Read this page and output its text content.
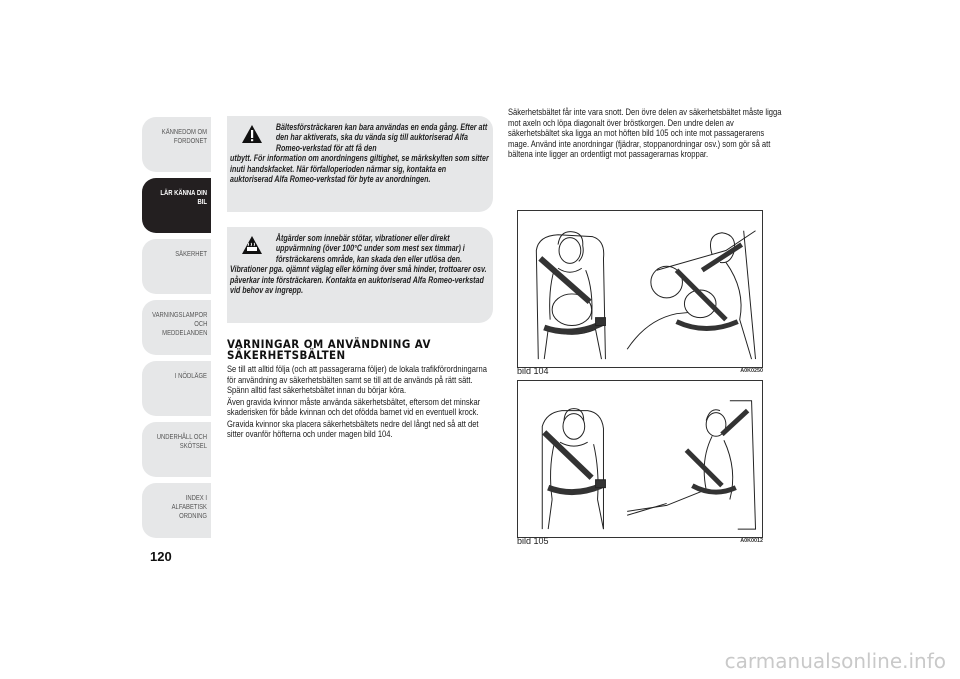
KÄNNEDOM OM
FORDONET
LÄR KÄNNA DIN
BIL
SÄKERHET
VARNINGSLAMPOR
OCH MEDDELANDEN
I NÖDLÄGE
UNDERHÅLL OCH
SKÖTSEL
INDEX I ALFABETISK
ORDNING
120
Bältesförsträckaren kan bara användas en enda gång. Efter att den har aktiverats, ska du vända sig till auktoriserad Alfa Romeo-verkstad för att få den
utbytt. För information om anordningens giltighet, se märkskylten som sitter inuti handskfacket. När förfalloperioden närmar sig, kontakta en auktoriserad Alfa Romeo-verkstad för byte av anordningen.
Åtgärder som innebär stötar, vibrationer eller direkt uppvärmning (över 100°C under som mest sex timmar) i försträckarens område, kan skada den eller utlösa den.
Vibrationer pga. ojämnt väglag eller körning över små hinder, trottoarer osv. påverkar inte försträckaren. Kontakta en auktoriserad Alfa Romeo-verkstad vid behov av ingrepp.
VARNINGAR OM ANVÄNDNING AV SÄKERHETSBÄLTEN

Se till att alltid följa (och att passagerarna följer) de lokala trafikförordningarna för användning av säkerhetsbälten samt se till att de används på rätt sätt. Spänn alltid fast säkerhetsbältet innan du börjar köra.

Även gravida kvinnor måste använda säkerhetsbältet, eftersom det minskar skaderisken för både kvinnan och det ofödda barnet vid en eventuell krock.

Gravida kvinnor ska placera säkerhetsbältets nedre del långt ned så att det sitter ovanför höfterna och under magen bild 104.

Säkerhetsbältet får inte vara snott. Den övre delen av säkerhetsbältet måste ligga mot axeln och löpa diagonalt över bröstkorgen. Den undre delen av säkerhetsbältet ska ligga an mot höften bild 105 och inte mot passagerarens mage. Använd inte anordningar (fjädrar, stoppanordningar osv.) som gör så att bältena inte ligger an ordentligt mot passagerarnas kroppar.
bild 104	A0K0250
bild 105	A0K0012
carmanualsonline.info
